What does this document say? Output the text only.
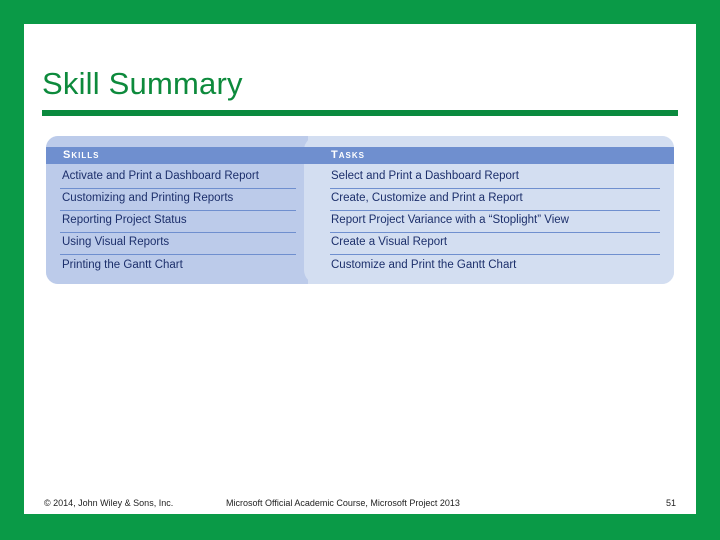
Skill Summary
Skills	Tasks
Activate and Print a Dashboard Report	Select and Print a Dashboard Report
Customizing and Printing Reports	Create, Customize and Print a Report
Reporting Project Status	Report Project Variance with a “Stoplight” View
Using Visual Reports	Create a Visual Report
Printing the Gantt Chart	Customize and Print the Gantt Chart
© 2014, John Wiley & Sons, Inc.	Microsoft Official Academic Course, Microsoft Project 2013	51
